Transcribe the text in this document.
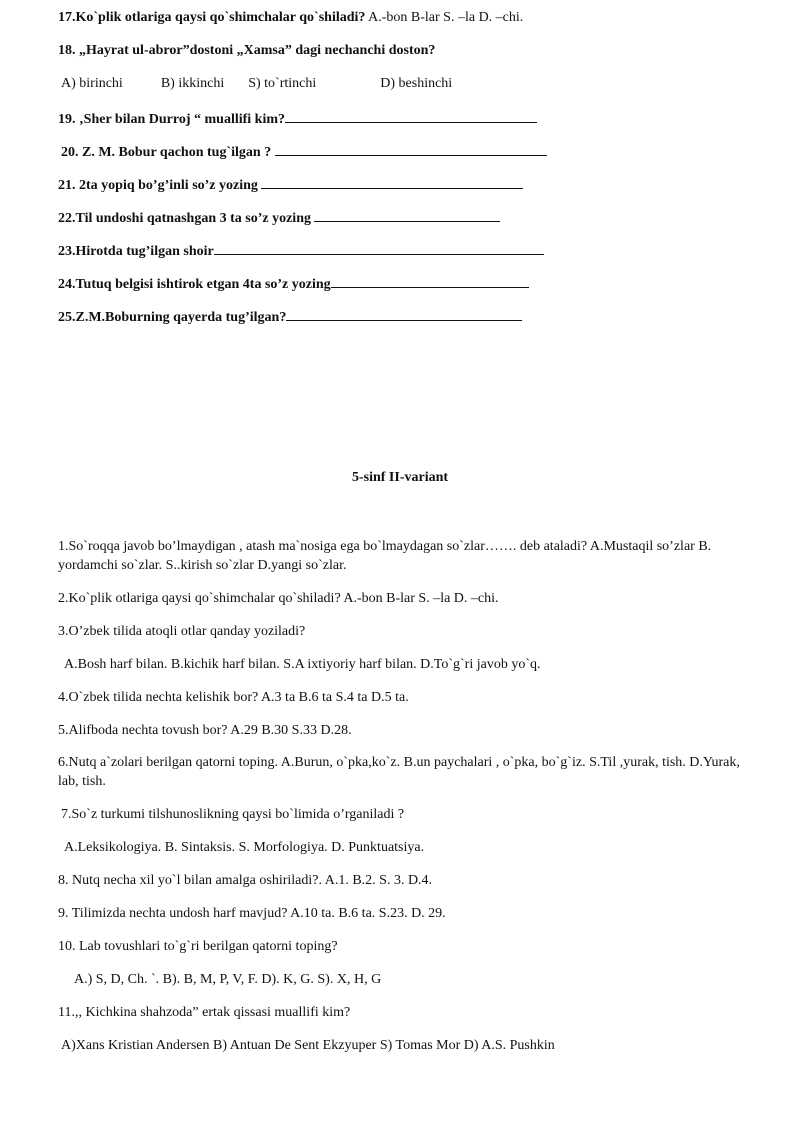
17.Ko`plik otlariga qaysi qo`shimchalar qo`shiladi? A.-bon B-lar S. –la D. –chi.
18. „Hayrat ul-abror”dostoni „Xamsa” dagi nechanchi doston?
A) birinchi	B) ikkinchi S) to`rtinchi	D) beshinchi
19. ‚Sher bilan Durroj “ muallifi kim?
20. Z. M. Bobur qachon tug`ilgan ?
21. 2ta yopiq bo’g’inli so’z yozing
22.Til undoshi qatnashgan 3 ta so’z yozing
23.Hirotda tug’ilgan shoir
24.Tutuq belgisi ishtirok etgan 4ta so’z yozing
25.Z.M.Boburning qayerda tug’ilgan?
5-sinf II-variant
1.So`roqqa javob bo’lmaydigan , atash ma`nosiga ega bo`lmaydagan so`zlar……. deb ataladi? A.Mustaqil so’zlar B. yordamchi so`zlar. S..kirish so`zlar D.yangi so`zlar.
2.Ko`plik otlariga qaysi qo`shimchalar qo`shiladi? A.-bon B-lar S. –la D. –chi.
3.O’zbek tilida atoqli otlar qanday yoziladi?
A.Bosh harf bilan. B.kichik harf bilan. S.A ixtiyoriy harf bilan. D.To`g`ri javob yo`q.
4.O`zbek tilida nechta kelishik bor? A.3 ta B.6 ta S.4 ta D.5 ta.
5.Alifboda nechta tovush bor? A.29 B.30 S.33 D.28.
6.Nutq a`zolari berilgan qatorni toping. A.Burun, o`pka,ko`z. B.un paychalari , o`pka, bo`g`iz. S.Til ,yurak, tish. D.Yurak, lab, tish.
7.So`z turkumi tilshunoslikning qaysi bo`limida o’rganiladi ?
A.Leksikologiya. B. Sintaksis. S. Morfologiya. D. Punktuatsiya.
8. Nutq necha xil yo`l bilan amalga oshiriladi?. A.1. B.2. S. 3. D.4.
9. Tilimizda nechta undosh harf mavjud? A.10 ta. B.6 ta. S.23. D. 29.
10. Lab tovushlari to`g`ri berilgan qatorni toping?
A.) S, D, Ch. `. B). B, M, P, V, F. D). K, G. S). X, H, G
11.,, Kichkina shahzoda” ertak qissasi muallifi kim?
A)Xans Kristian Andersen B) Antuan De Sent Ekzyuper S) Tomas Mor D) A.S. Pushkin
